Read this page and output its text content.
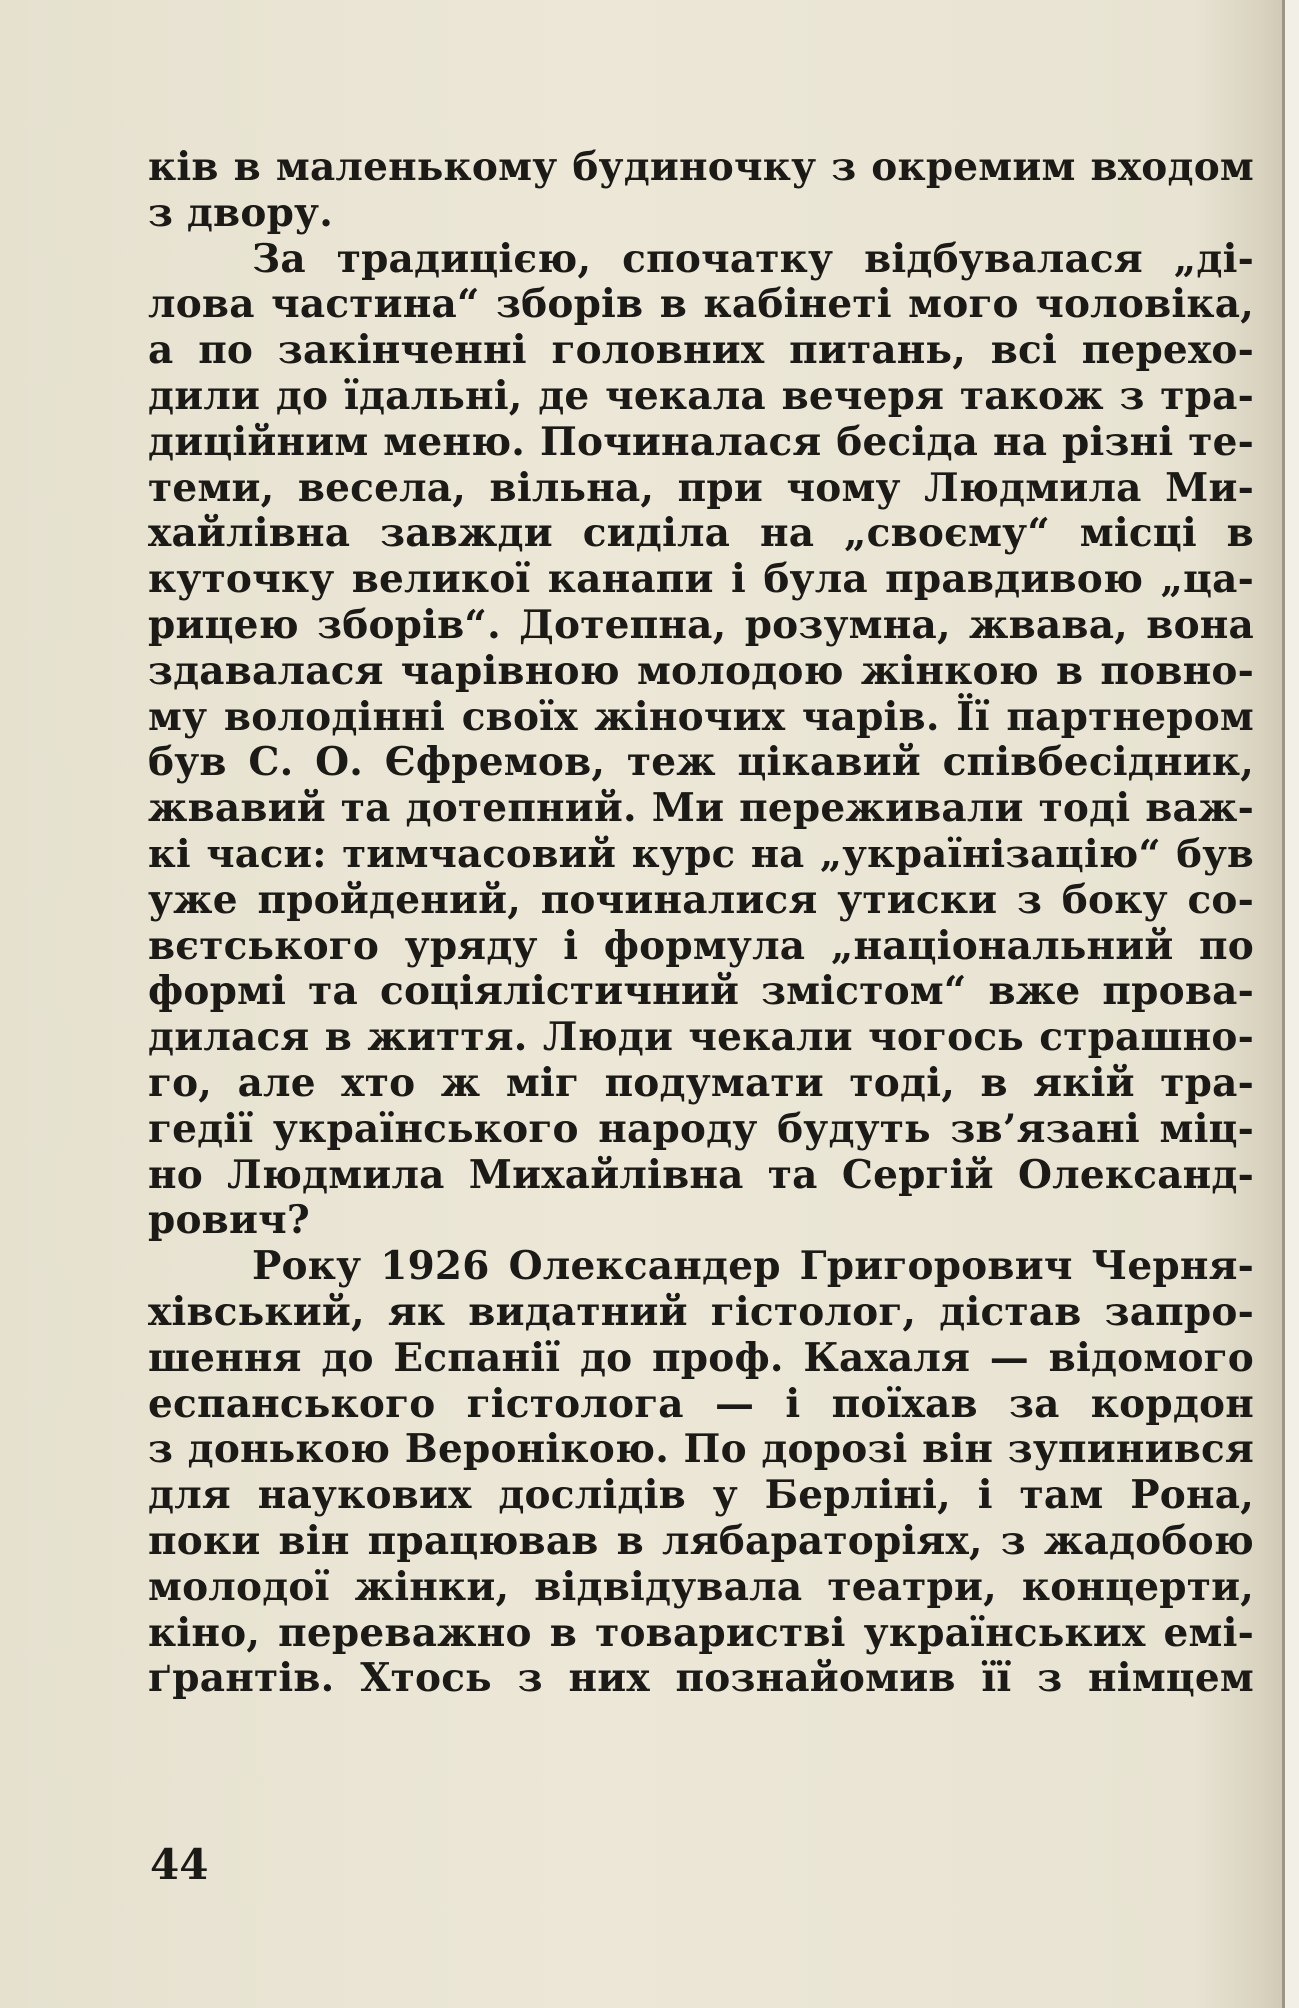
ків в маленькому будиночку з окремим входом
з двору.
За традицією, спочатку відбувалася „ді-
лова частина“ зборів в кабінеті мого чоловіка,
а по закінченні головних питань, всі перехо-
дили до їдальні, де чекала вечеря також з тра-
диційним меню. Починалася бесіда на різні те-
теми, весела, вільна, при чому Людмила Ми-
хайлівна завжди сиділа на „своєму“ місці в
куточку великої канапи і була правдивою „ца-
рицею зборів“. Дотепна, розумна, жвава, вона
здавалася чарівною молодою жінкою в повно-
му володінні своїх жіночих чарів. Її партнером
був С. О. Єфремов, теж цікавий співбесідник,
жвавий та дотепний. Ми переживали тоді важ-
кі часи: тимчасовий курс на „українізацію“ був
уже пройдений, починалися утиски з боку со-
вєтського уряду і формула „національний по
формі та соціялістичний змістом“ вже прова-
дилася в життя. Люди чекали чогось страшно-
го, але хто ж міг подумати тоді, в якій тра-
гедії українського народу будуть зв’язані міц-
но Людмила Михайлівна та Сергій Олександ-
рович?
Року 1926 Олександер Григорович Черня-
хівський, як видатний гістолог, дістав запро-
шення до Еспанії до проф. Кахаля — відомого
еспанського гістолога — і поїхав за кордон
з донькою Веронікою. По дорозі він зупинився
для наукових дослідів у Берліні, і там Рона,
поки він працював в лябараторіях, з жадобою
молодої жінки, відвідувала театри, концерти,
кіно, переважно в товаристві українських емі-
ґрантів. Хтось з них познайомив її з німцем
44
